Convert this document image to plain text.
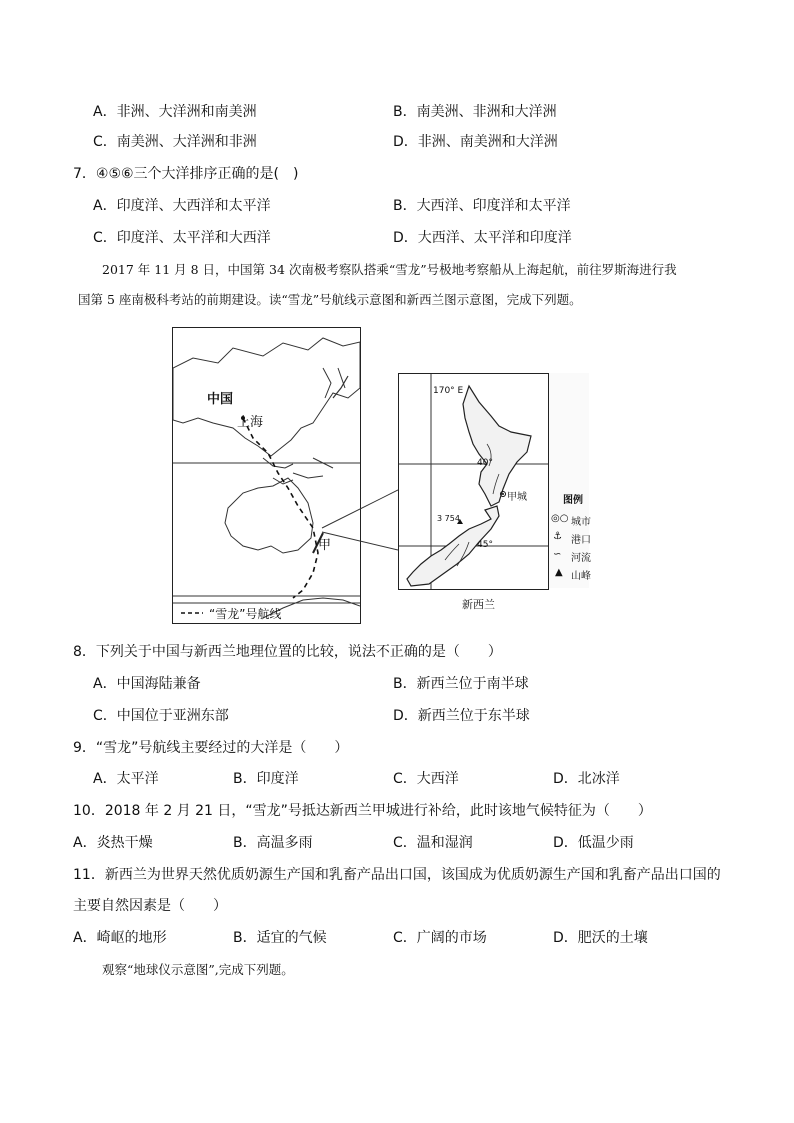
A．非洲、大洋洲和南美洲	B．南美洲、非洲和大洋洲
C．南美洲、大洋洲和非洲	D．非洲、南美洲和大洋洲
7．④⑤⑥三个大洋排序正确的是(　)
A．印度洋、大西洋和太平洋	B．大西洋、印度洋和太平洋
C．印度洋、太平洋和大西洋	D．大西洋、太平洋和印度洋
2017 年 11 月 8 日，中国第 34 次南极考察队搭乘“雪龙”号极地考察船从上海起航，前往罗斯海进行我
国第 5 座南极科考站的前期建设。读“雪龙”号航线示意图和新西兰图示意图，完成下列题。
中国
上海
甲
“雪龙”号航线
170° E
40°
45°
甲城
3 754
新西兰
图例
◎○ 城市
⚓ 港口
∽ 河流
▲ 山峰
8．下列关于中国与新西兰地理位置的比较，说法不正确的是（　　）
A．中国海陆兼备	B．新西兰位于南半球
C．中国位于亚洲东部	D．新西兰位于东半球
9．“雪龙”号航线主要经过的大洋是（　　）
A．太平洋	B．印度洋	C．大西洋	D．北冰洋
10．2018 年 2 月 21 日，“雪龙”号抵达新西兰甲城进行补给，此时该地气候特征为（　　）
A．炎热干燥	B．高温多雨	C．温和湿润	D．低温少雨
11．新西兰为世界天然优质奶源生产国和乳畜产品出口国，该国成为优质奶源生产国和乳畜产品出口国的
主要自然因素是（　　）
A．崎岖的地形	B．适宜的气候	C．广阔的市场	D．肥沃的土壤
观察“地球仪示意图”,完成下列题。
